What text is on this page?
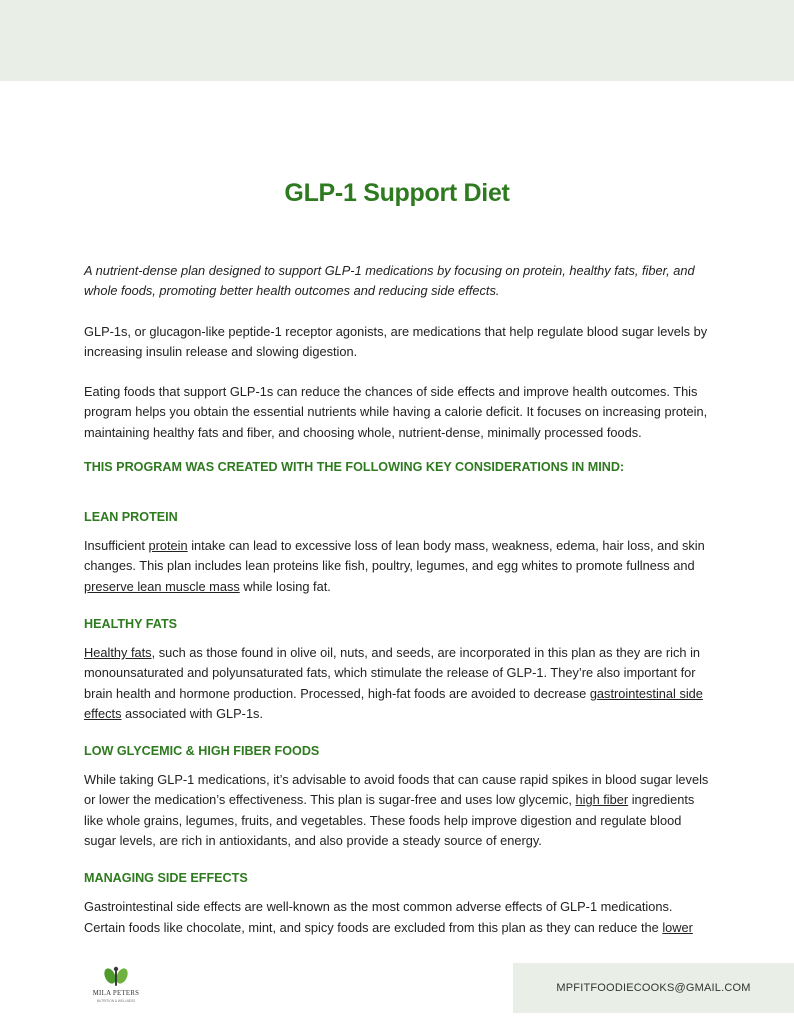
GLP-1 Support Diet

A nutrient-dense plan designed to support GLP-1 medications by focusing on protein, healthy fats, fiber, and whole foods, promoting better health outcomes and reducing side effects.

GLP-1s, or glucagon-like peptide-1 receptor agonists, are medications that help regulate blood sugar levels by increasing insulin release and slowing digestion.

Eating foods that support GLP-1s can reduce the chances of side effects and improve health outcomes. This program helps you obtain the essential nutrients while having a calorie deficit. It focuses on increasing protein, maintaining healthy fats and fiber, and choosing whole, nutrient-dense, minimally processed foods.

THIS PROGRAM WAS CREATED WITH THE FOLLOWING KEY CONSIDERATIONS IN MIND:

LEAN PROTEIN

Insufficient protein intake can lead to excessive loss of lean body mass, weakness, edema, hair loss, and skin changes. This plan includes lean proteins like fish, poultry, legumes, and egg whites to promote fullness and preserve lean muscle mass while losing fat.

HEALTHY FATS

Healthy fats, such as those found in olive oil, nuts, and seeds, are incorporated in this plan as they are rich in monounsaturated and polyunsaturated fats, which stimulate the release of GLP-1. They’re also important for brain health and hormone production. Processed, high-fat foods are avoided to decrease gastrointestinal side effects associated with GLP-1s.

LOW GLYCEMIC & HIGH FIBER FOODS

While taking GLP-1 medications, it’s advisable to avoid foods that can cause rapid spikes in blood sugar levels or lower the medication’s effectiveness. This plan is sugar-free and uses low glycemic, high fiber ingredients like whole grains, legumes, fruits, and vegetables. These foods help improve digestion and regulate blood sugar levels, are rich in antioxidants, and also provide a steady source of energy.

MANAGING SIDE EFFECTS

Gastrointestinal side effects are well-known as the most common adverse effects of GLP-1 medications. Certain foods like chocolate, mint, and spicy foods are excluded from this plan as they can reduce the lower

MILA PETERS
NUTRITION & WELLNESS
MPFITFOODIECOOKS@GMAIL.COM
